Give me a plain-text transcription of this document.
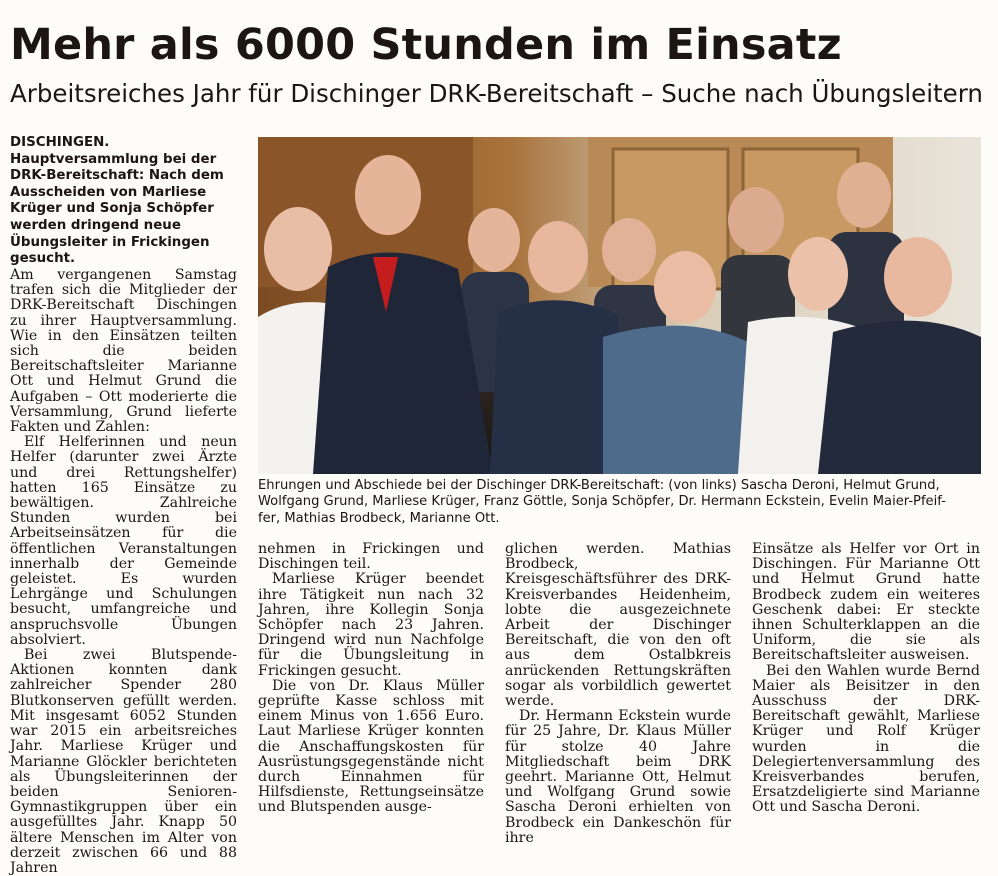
Mehr als 6000 Stunden im Einsatz
Arbeitsreiches Jahr für Dischinger DRK-Bereitschaft – Suche nach Übungsleitern
DISCHINGEN. Hauptversammlung bei der DRK-Bereitschaft: Nach dem Ausscheiden von Marliese Krüger und Sonja Schöpfer werden dringend neue Übungsleiter in Frickingen gesucht.

Am vergangenen Samstag trafen sich die Mitglieder der DRK-Bereitschaft Dischingen zu ihrer Hauptversammlung. Wie in den Einsätzen teilten sich die beiden Bereitschaftsleiter Marianne Ott und Helmut Grund die Aufgaben – Ott moderierte die Versammlung, Grund lieferte Fakten und Zahlen:

Elf Helferinnen und neun Helfer (darunter zwei Ärzte und drei Rettungshelfer) hatten 165 Einsätze zu bewältigen. Zahlreiche Stunden wurden bei Arbeitseinsätzen für die öffentlichen Veranstaltungen innerhalb der Gemeinde geleistet. Es wurden Lehrgänge und Schulungen besucht, umfangreiche und anspruchsvolle Übungen absolviert.

Bei zwei Blutspende-Aktionen konnten dank zahlreicher Spender 280 Blutkonserven gefüllt werden. Mit insgesamt 6052 Stunden war 2015 ein arbeitsreiches Jahr. Marliese Krüger und Marianne Glöckler berichteten als Übungsleiterinnen der beiden Senioren-Gymnastikgruppen über ein ausgefülltes Jahr. Knapp 50 ältere Menschen im Alter von derzeit zwischen 66 und 88 Jahren

Ehrungen und Abschiede bei der Dischinger DRK-Bereitschaft: (von links) Sascha Deroni, Helmut Grund,
Wolfgang Grund, Marliese Krüger, Franz Göttle, Sonja Schöpfer, Dr. Hermann Eckstein, Evelin Maier-Pfeif-
fer, Mathias Brodbeck, Marianne Ott.

nehmen in Frickingen und Dischingen teil.

Marliese Krüger beendet ihre Tätigkeit nun nach 32 Jahren, ihre Kollegin Sonja Schöpfer nach 23 Jahren. Dringend wird nun Nachfolge für die Übungsleitung in Frickingen gesucht.

Die von Dr. Klaus Müller geprüfte Kasse schloss mit einem Minus von 1.656 Euro. Laut Marliese Krüger konnten die Anschaffungskosten für Ausrüstungsgegenstände nicht durch Einnahmen für Hilfsdienste, Rettungseinsätze und Blutspenden ausge-

glichen werden. Mathias Brodbeck, Kreisgeschäftsführer des DRK-Kreisverbandes Heidenheim, lobte die ausgezeichnete Arbeit der Dischinger Bereitschaft, die von den oft aus dem Ostalbkreis anrückenden Rettungskräften sogar als vorbildlich gewertet werde.

Dr. Hermann Eckstein wurde für 25 Jahre, Dr. Klaus Müller für stolze 40 Jahre Mitgliedschaft beim DRK geehrt. Marianne Ott, Helmut und Wolfgang Grund sowie Sascha Deroni erhielten von Brodbeck ein Dankeschön für ihre

Einsätze als Helfer vor Ort in Dischingen. Für Marianne Ott und Helmut Grund hatte Brodbeck zudem ein weiteres Geschenk dabei: Er steckte ihnen Schulterklappen an die Uniform, die sie als Bereitschaftsleiter ausweisen.

Bei den Wahlen wurde Bernd Maier als Beisitzer in den Ausschuss der DRK-Bereitschaft gewählt, Marliese Krüger und Rolf Krüger wurden in die Delegiertenversammlung des Kreisverbandes berufen, Ersatzdeligierte sind Marianne Ott und Sascha Deroni.
